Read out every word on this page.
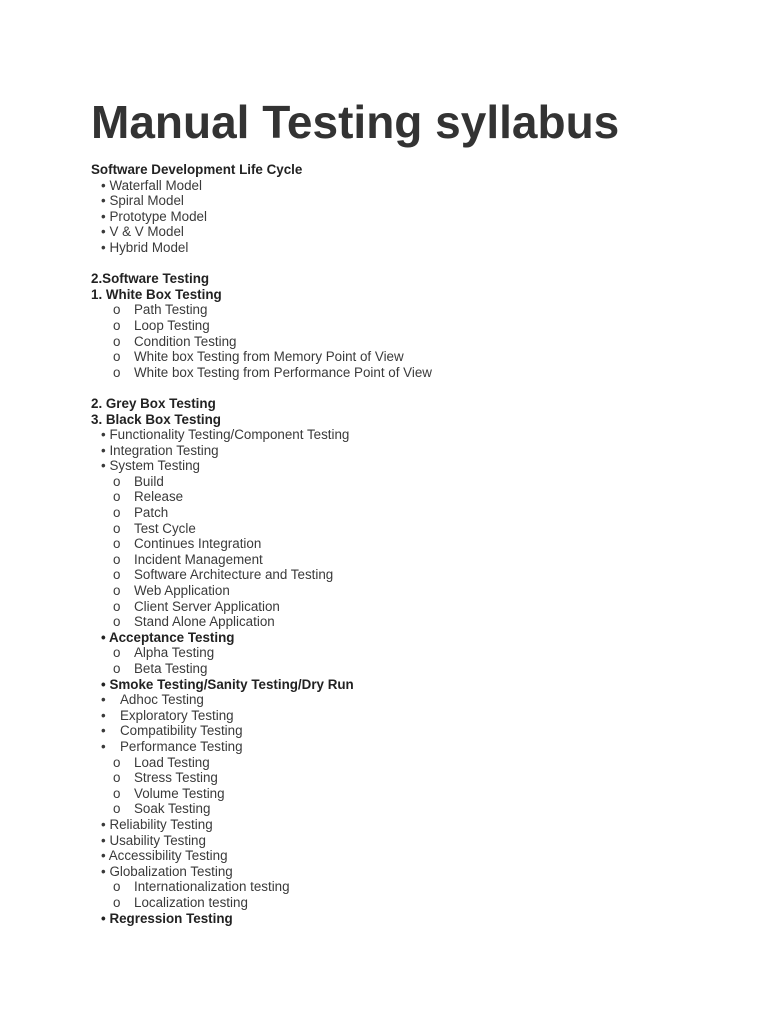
Manual Testing syllabus
Software Development Life Cycle
• Waterfall Model
• Spiral Model
• Prototype Model
• V & V Model
• Hybrid Model
2.Software Testing
1. White Box Testing
o Path Testing
o Loop Testing
o Condition Testing
o White box Testing from Memory Point of View
o White box Testing from Performance Point of View
2. Grey Box Testing
3. Black Box Testing
• Functionality Testing/Component Testing
• Integration Testing
• System Testing
o Build
o Release
o Patch
o Test Cycle
o Continues Integration
o Incident Management
o Software Architecture and Testing
o Web Application
o Client Server Application
o Stand Alone Application
• Acceptance Testing
o Alpha Testing
o Beta Testing
• Smoke Testing/Sanity Testing/Dry Run
• Adhoc Testing
• Exploratory Testing
• Compatibility Testing
• Performance Testing
o Load Testing
o Stress Testing
o Volume Testing
o Soak Testing
• Reliability Testing
• Usability Testing
• Accessibility Testing
• Globalization Testing
o Internationalization testing
o Localization testing
• Regression Testing
